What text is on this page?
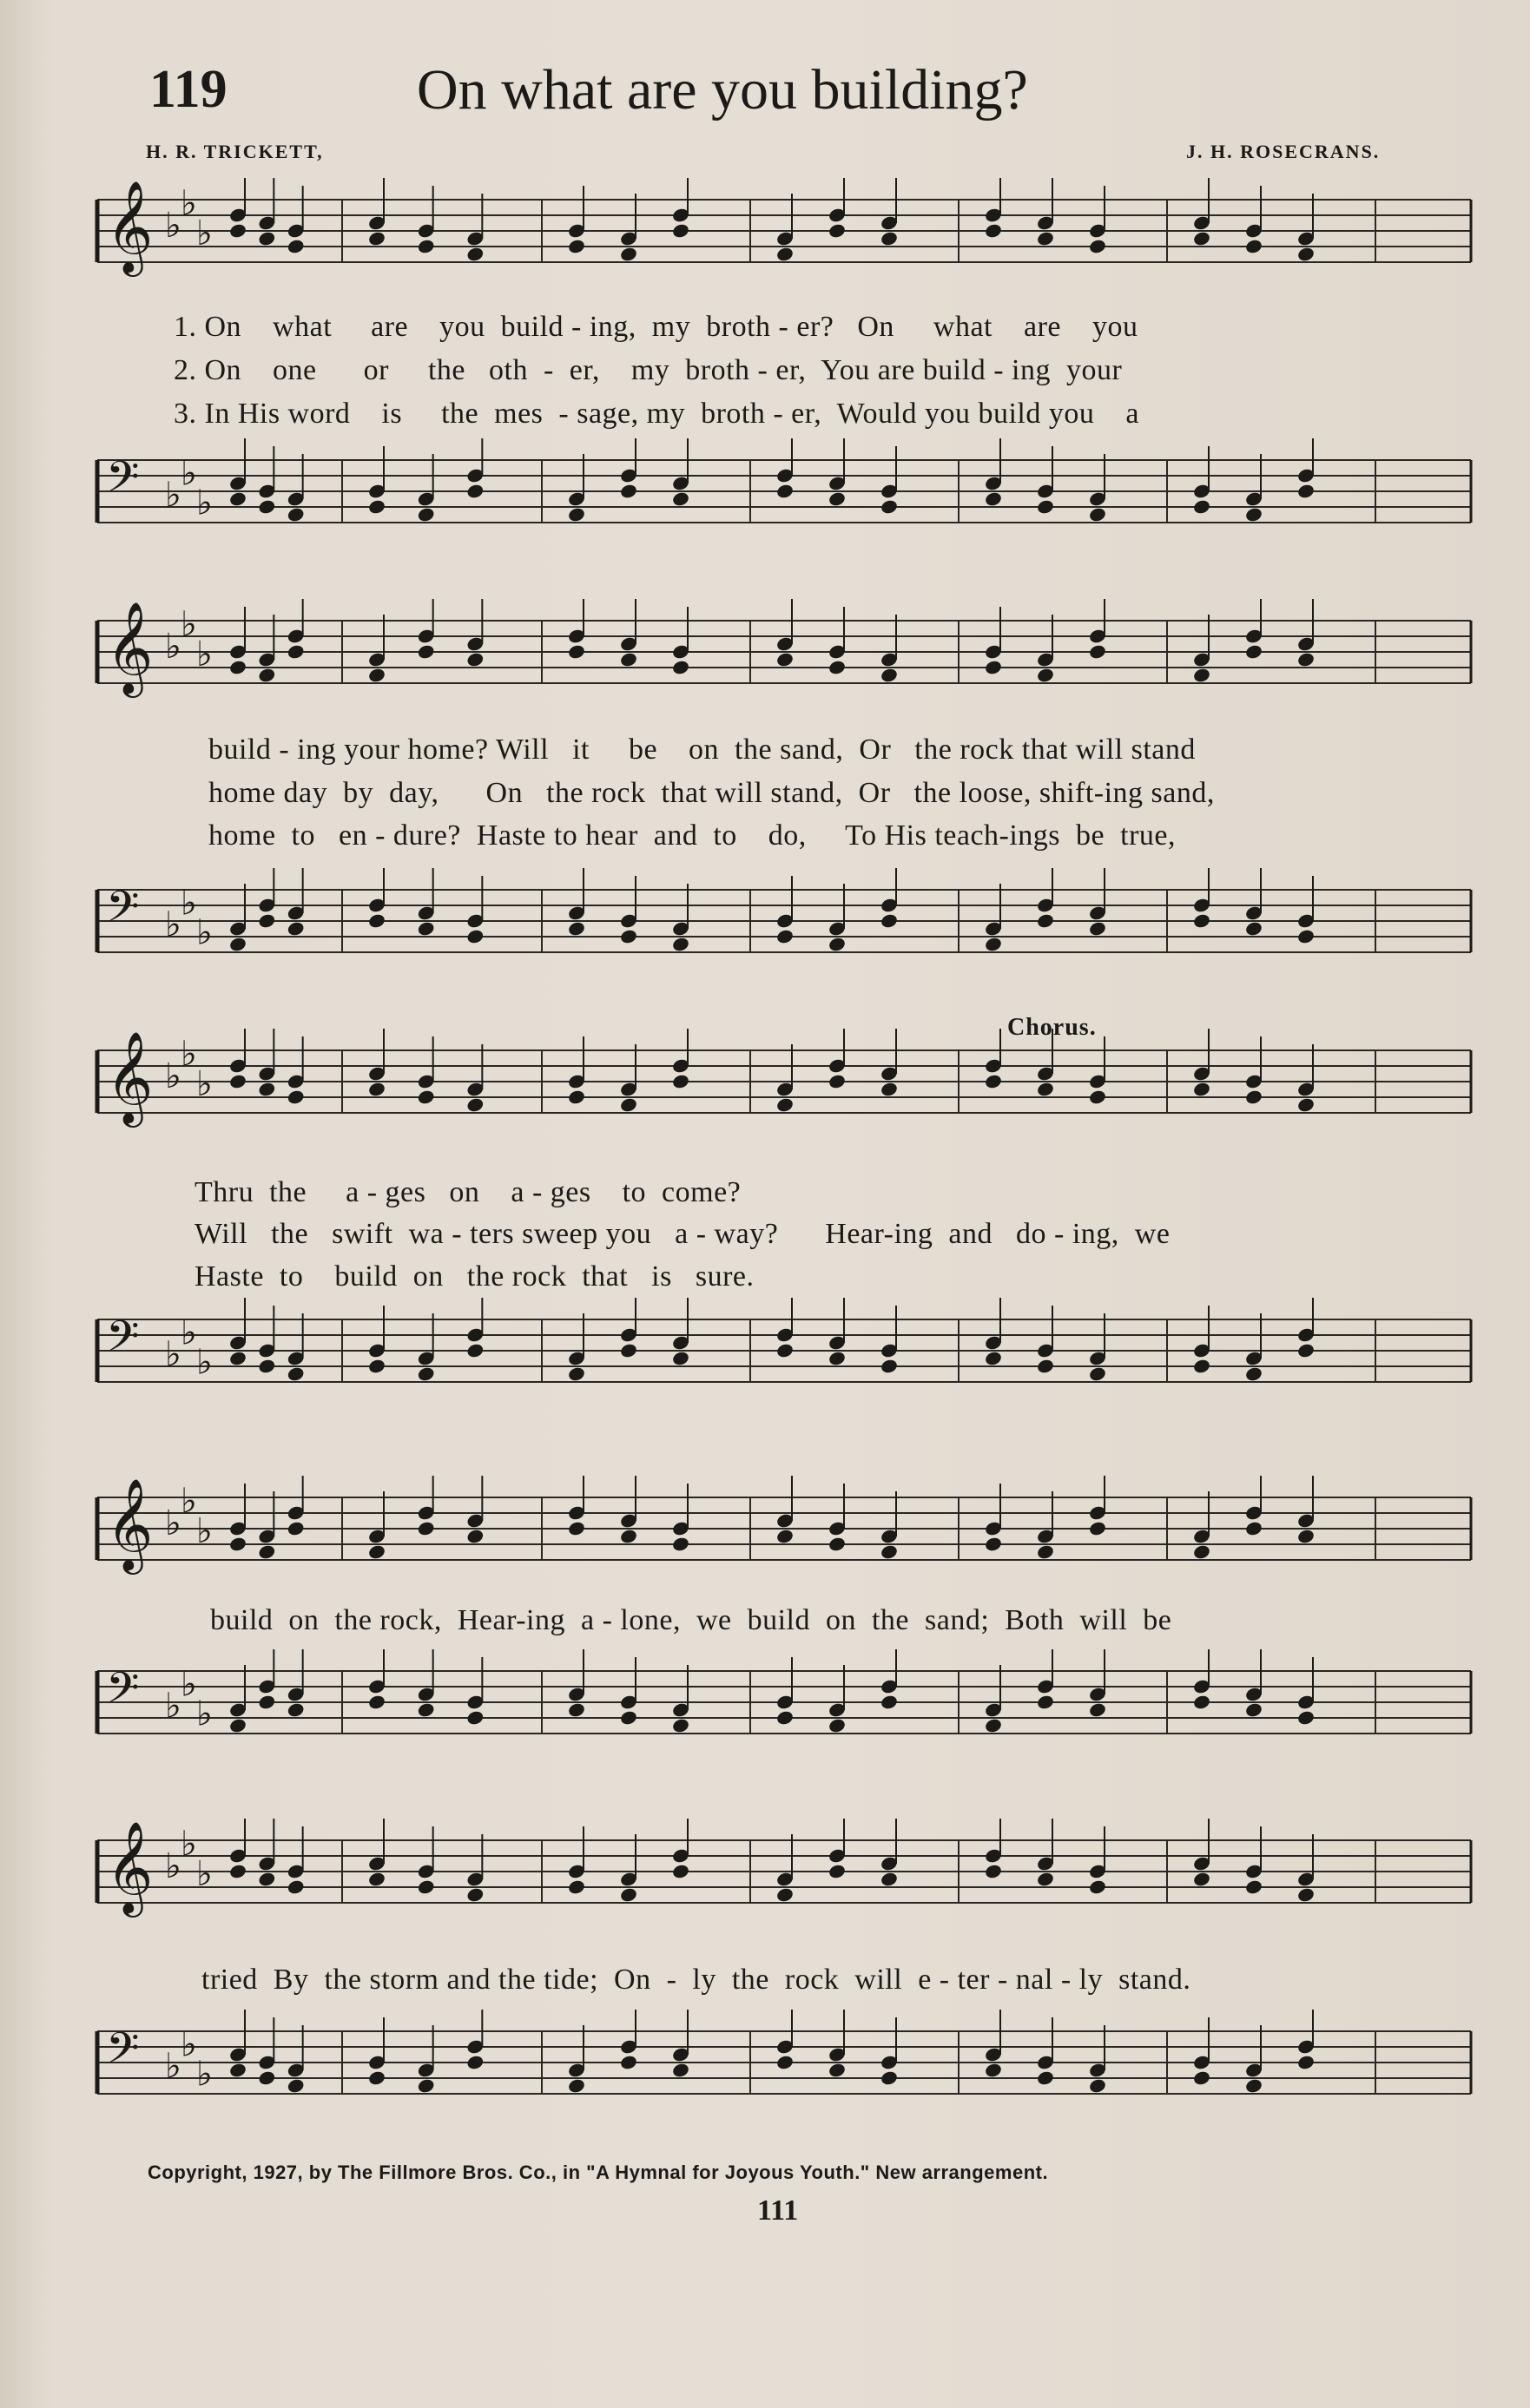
119	On what are you building?
H. R. TRICKETT,	J. H. ROSECRANS.
𝄞 ♭
♭
♭
1. On    what     are    you  build - ing,  my  broth - er?   On     what    are    you
2. On    one      or     the   oth  -  er,    my  broth - er,  You are build - ing  your
3. In His word    is     the  mes  - sage, my  broth - er,  Would you build you    a
𝄢 ♭
♭
♭
𝄞 ♭
♭
♭
build - ing your home? Will   it     be    on  the sand,  Or   the rock that will stand
home day  by  day,      On   the rock  that will stand,  Or   the loose, shift-ing sand,
home  to   en - dure?  Haste to hear  and  to    do,     To His teach-ings  be  true,
𝄢 ♭
♭
♭
Chorus.
𝄞 ♭
♭
♭
Thru  the     a - ges   on    a - ges    to  come?
Will   the   swift  wa - ters sweep you   a - way?      Hear-ing  and   do - ing,  we
Haste  to    build  on   the rock  that   is   sure.
𝄢 ♭
♭
♭
𝄞 ♭
♭
♭
build  on  the rock,  Hear-ing  a - lone,  we  build  on  the  sand;  Both  will  be
𝄢 ♭
♭
♭
𝄞 ♭
♭
♭
tried  By  the storm and the tide;  On  -  ly  the  rock  will  e - ter - nal - ly  stand.
𝄢 ♭
♭
♭
Copyright, 1927, by The Fillmore Bros. Co., in "A Hymnal for Joyous Youth." New arrangement.
111
